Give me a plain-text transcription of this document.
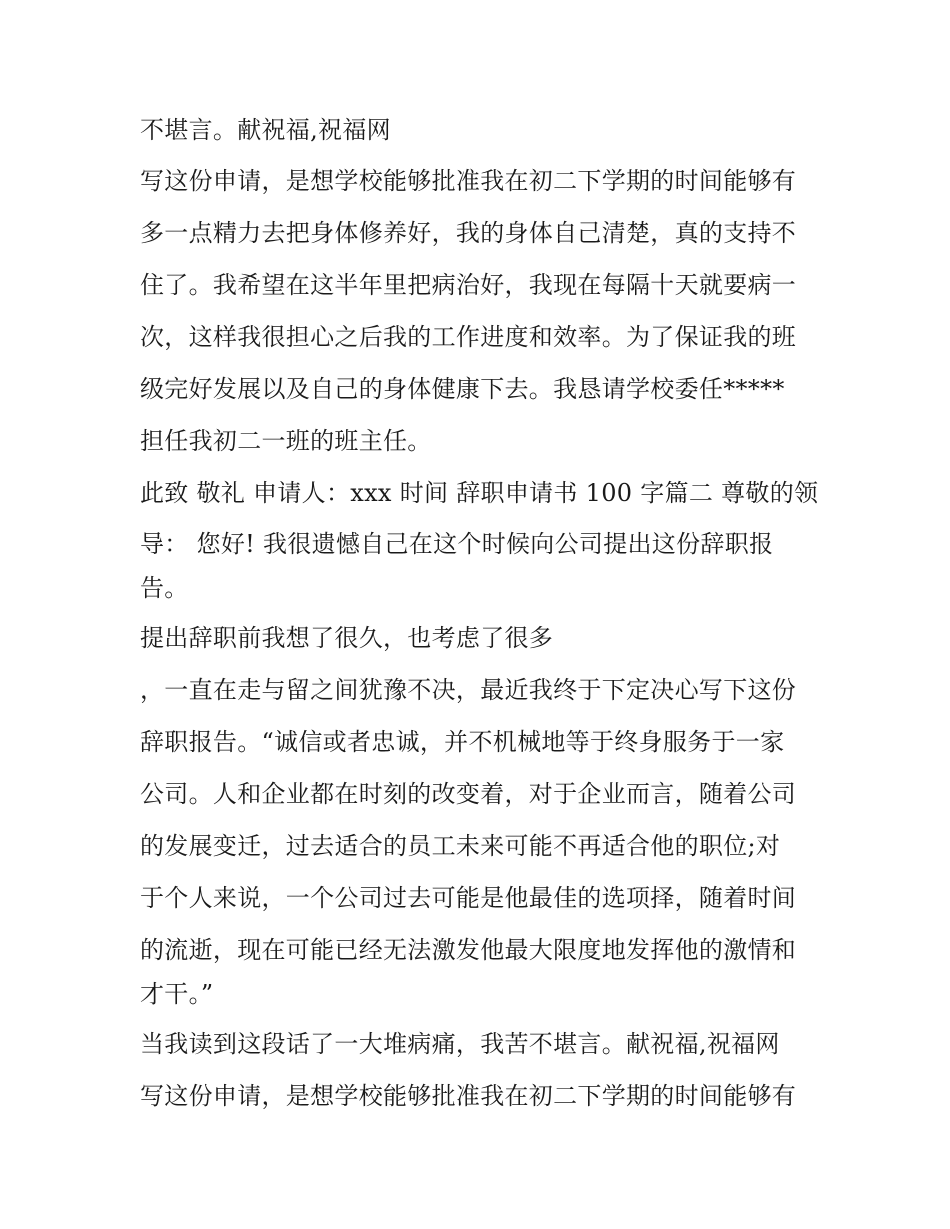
不堪言。献祝福,祝福网
写这份申请，是想学校能够批准我在初二下学期的时间能够有
多一点精力去把身体修养好，我的身体自己清楚，真的支持不
住了。我希望在这半年里把病治好，我现在每隔十天就要病一
次，这样我很担心之后我的工作进度和效率。为了保证我的班
级完好发展以及自己的身体健康下去。我恳请学校委任*****
担任我初二一班的班主任。
此致 敬礼 申请人：xxx 时间 辞职申请书 100 字篇二 尊敬的领
导： 您好! 我很遗憾自己在这个时候向公司提出这份辞职报
告。
提出辞职前我想了很久，也考虑了很多
，一直在走与留之间犹豫不决，最近我终于下定决心写下这份
辞职报告。“诚信或者忠诚，并不机械地等于终身服务于一家
公司。人和企业都在时刻的改变着，对于企业而言，随着公司
的发展变迁，过去适合的员工未来可能不再适合他的职位;对
于个人来说，一个公司过去可能是他最佳的选项择，随着时间
的流逝，现在可能已经无法激发他最大限度地发挥他的激情和
才干。”
当我读到这段话了一大堆病痛，我苦不堪言。献祝福,祝福网
写这份申请，是想学校能够批准我在初二下学期的时间能够有
